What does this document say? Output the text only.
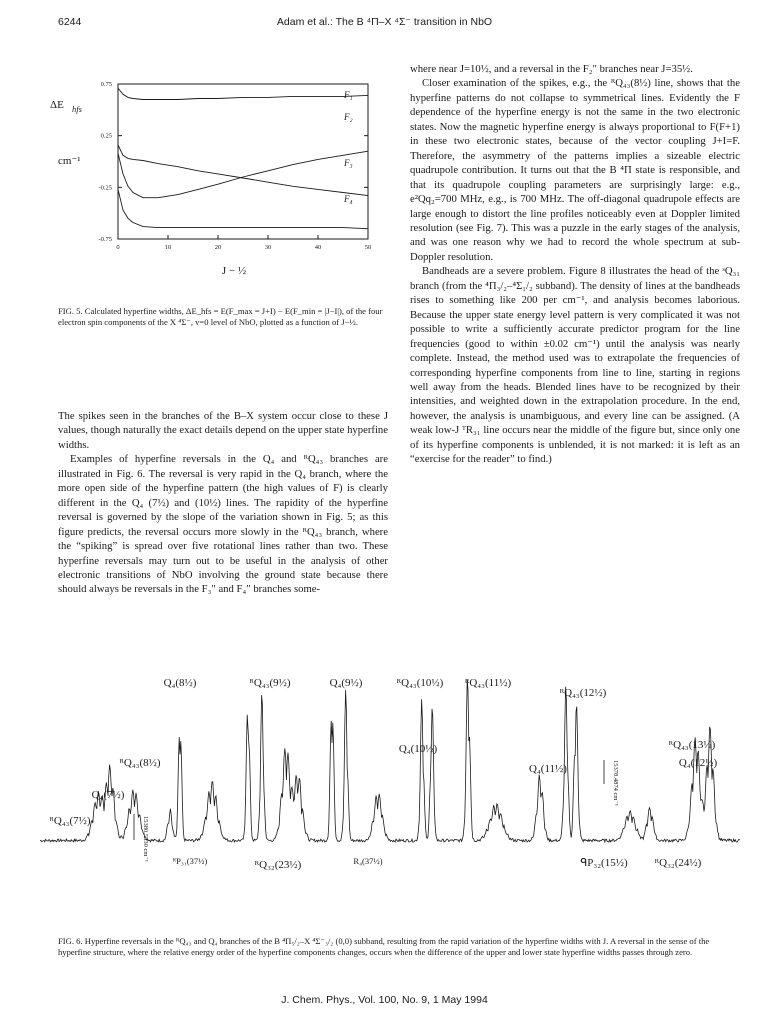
6244	Adam et al.: The B ⁴Π–X ⁴Σ⁻ transition in NbO
0	10	20	30	40	50
0.75
0.25
-0.25
-0.75
F₁
F₂
F₃
F₄
ΔE hfs
cm⁻¹
J − ½
FIG. 5. Calculated hyperfine widths, ΔE_hfs = E(F_max = J+I) − E(F_min = |J−I|), of the four electron spin components of the X ⁴Σ⁻, v=0 level of NbO, plotted as a function of J−½.

The spikes seen in the branches of the B–X system occur close to these J values, though naturally the exact details depend on the upper state hyperfine widths.

Examples of hyperfine reversals in the Q₄ and ᴿQ₄₃ branches are illustrated in Fig. 6. The reversal is very rapid in the Q₄ branch, where the more open side of the hyperfine pattern (the high values of F) is clearly different in the Q₄ (7½) and (10½) lines. The rapidity of the hyperfine reversal is governed by the slope of the variation shown in Fig. 5; as this figure predicts, the reversal occurs more slowly in the ᴿQ₄₃ branch, where the “spiking” is spread over five rotational lines rather than two. These hyperfine reversals may turn out to be useful in the analysis of other electronic transitions of NbO involving the ground state because there should always be reversals in the F₃″ and F₄″ branches some-

where near J=10½, and a reversal in the F₂″ branches near J=35½.

Closer examination of the spikes, e.g., the ᴿQ₄₃(8½) line, shows that the hyperfine patterns do not collapse to symmetrical lines. Evidently the F dependence of the hyperfine energy is not the same in the two electronic states. Now the magnetic hyperfine energy is always proportional to F(F+1) in these two electronic states, because of the vector coupling J+I=F. Therefore, the asymmetry of the patterns implies a sizeable electric quadrupole contribution. It turns out that the B ⁴Π state is responsible, and that its quadrupole coupling parameters are surprisingly large: e.g., e²Qq₂=700 MHz, e.g., is 700 MHz. The off-diagonal quadrupole effects are large enough to distort the line profiles noticeably even at Doppler limited resolution (see Fig. 7). This was a puzzle in the early stages of the analysis, and was one reason why we had to record the whole spectrum at sub-Doppler resolution.

Bandheads are a severe problem. Figure 8 illustrates the head of the ˢQ₃₁ branch (from the ⁴Π₃/₂–⁴Σ₁/₂ subband). The density of lines at the bandheads rises to something like 200 per cm⁻¹, and analysis becomes laborious. Because the upper state energy level pattern is very complicated it was not possible to write a sufficiently accurate predictor program for the line frequencies (good to within ±0.02 cm⁻¹) until the analysis was nearly complete. Instead, the method used was to extrapolate the frequencies of corresponding hyperfine components from line to line, starting in regions well away from the heads. Blended lines have to be recognized by their intensities, and weighted down in the extrapolation procedure. In the end, however, the analysis is unambiguous, and every line can be assigned. (A weak low-J ᵀR₃₁ line occurs near the middle of the figure but, since only one of its hyperfine components is unblended, it is not marked: it is left as an “exercise for the reader” to find.)

Q₄(8½)	ᴿQ₄₃(9½)	Q₄(9½)	ᴿQ₄₃(10½) ᴿQ₄₃(11½)
ᴿQ₄₃(12½)
ᴿQ₄₃(8½)
Q₄(10½)
Q₄(11½)
ᴿQ₄₃(13½)
Q₄(12½)
Q₄(7½)
ᴿQ₄₃(7½)
ᴿP₃₁(37½)	ᴿQ₃₂(23½)	R₄(37½)	ᑫP₃₂(15½) ᴿQ₃₂(24½)
15380.5530 cm⁻¹
15378.4874 cm⁻¹
FIG. 6. Hyperfine reversals in the ᴿQ₄₃ and Q₄ branches of the B ⁴Π₅/₂–X ⁴Σ⁻₃/₂ (0,0) subband, resulting from the rapid variation of the hyperfine widths with J. A reversal in the sense of the hyperfine structure, where the relative energy order of the hyperfine components changes, occurs when the difference of the upper and lower state hyperfine widths passes through zero.
J. Chem. Phys., Vol. 100, No. 9, 1 May 1994
